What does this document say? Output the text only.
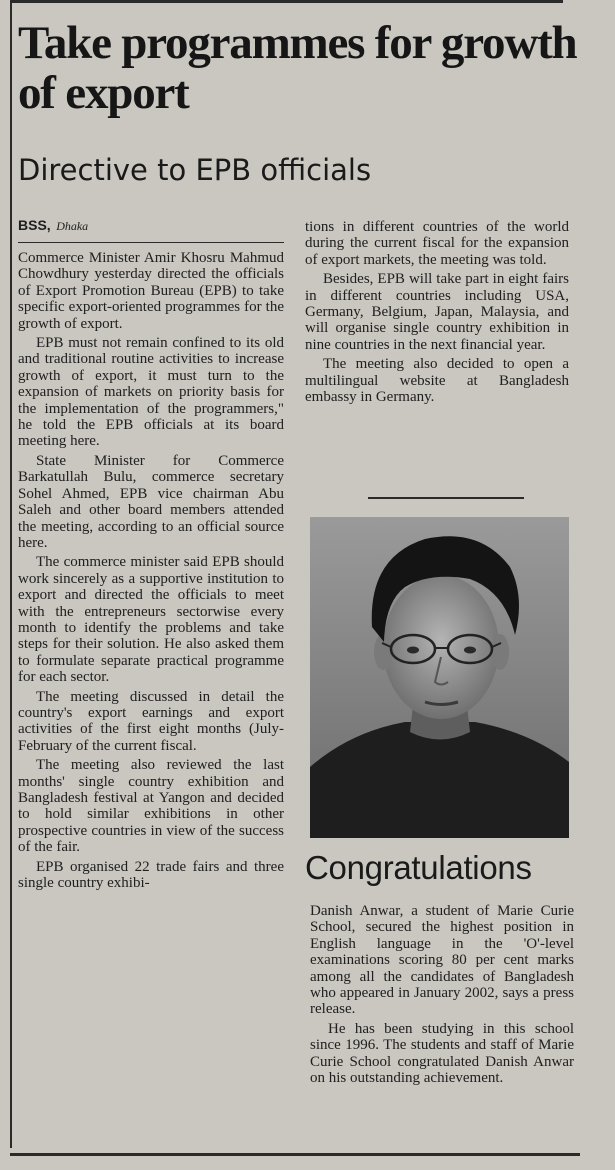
Take programmes for growth of export
Directive to EPB officials
BSS, Dhaka

Commerce Minister Amir Khosru Mahmud Chowdhury yesterday directed the officials of Export Promotion Bureau (EPB) to take specific export-oriented programmes for the growth of export.

EPB must not remain confined to its old and traditional routine activities to increase growth of export, it must turn to the expansion of markets on priority basis for the implementation of the programmers," he told the EPB officials at its board meeting here.

State Minister for Commerce Barkatullah Bulu, commerce secretary Sohel Ahmed, EPB vice chairman Abu Saleh and other board members attended the meeting, according to an official source here.

The commerce minister said EPB should work sincerely as a supportive institution to export and directed the officials to meet with the entrepreneurs sectorwise every month to identify the problems and take steps for their solution. He also asked them to formulate separate practical programme for each sector.

The meeting discussed in detail the country's export earnings and export activities of the first eight months (July-February of the current fiscal.

The meeting also reviewed the last months' single country exhibition and Bangladesh festival at Yangon and decided to hold similar exhibitions in other prospective countries in view of the success of the fair.

EPB organised 22 trade fairs and three single country exhibi-

tions in different countries of the world during the current fiscal for the expansion of export markets, the meeting was told.

Besides, EPB will take part in eight fairs in different countries including USA, Germany, Belgium, Japan, Malaysia, and will organise single country exhibition in nine countries in the next financial year.

The meeting also decided to open a multilingual website at Bangladesh embassy in Germany.

Congratulations

Danish Anwar, a student of Marie Curie School, secured the highest position in English language in the 'O'-level examinations scoring 80 per cent marks among all the candidates of Bangladesh who appeared in January 2002, says a press release.

He has been studying in this school since 1996. The students and staff of Marie Curie School congratulated Danish Anwar on his outstanding achievement.
